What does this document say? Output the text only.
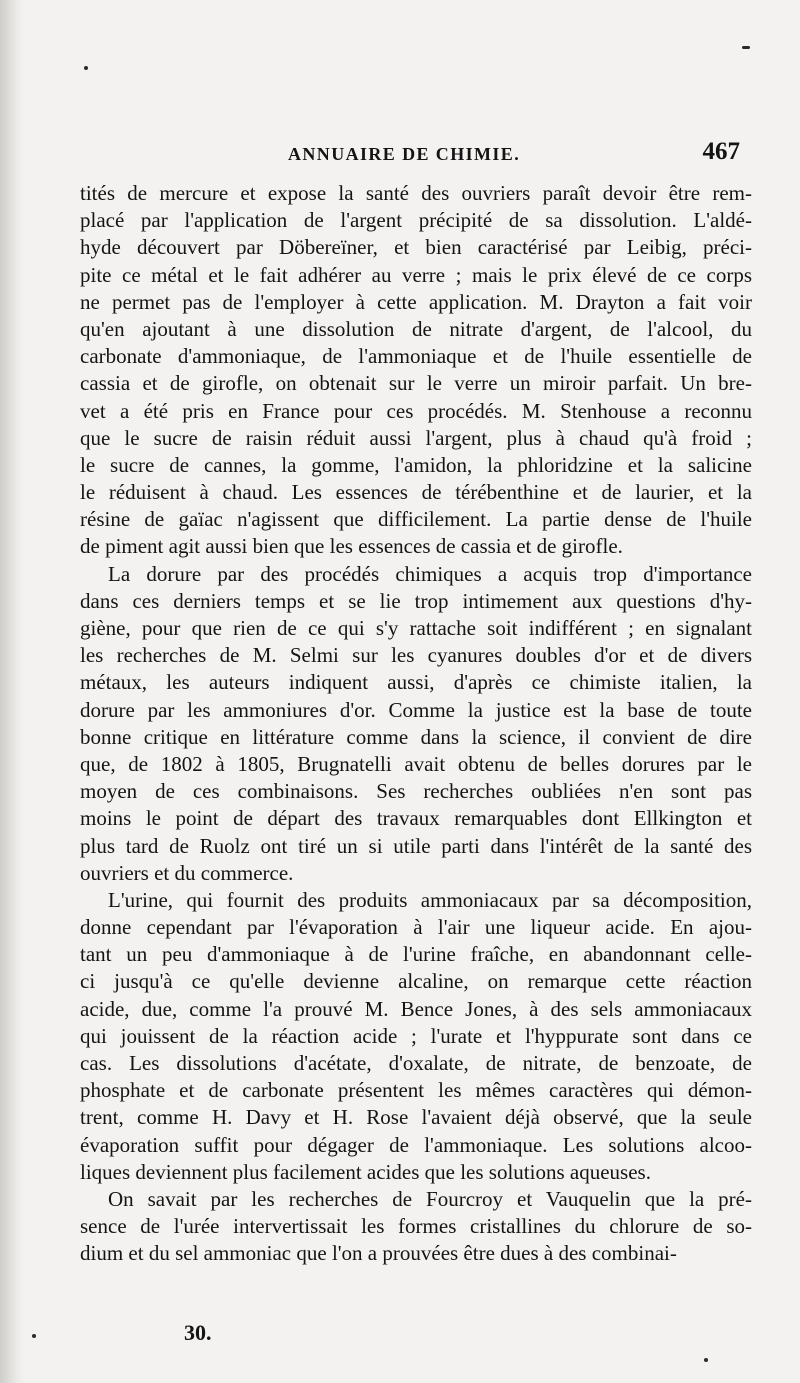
ANNUAIRE DE CHIMIE.	467
tités de mercure et expose la santé des ouvriers paraît devoir être rem-
placé par l'application de l'argent précipité de sa dissolution. L'aldé-
hyde découvert par Döbereïner, et bien caractérisé par Leibig, préci-
pite ce métal et le fait adhérer au verre ; mais le prix élevé de ce corps
ne permet pas de l'employer à cette application. M. Drayton a fait voir
qu'en ajoutant à une dissolution de nitrate d'argent, de l'alcool, du
carbonate d'ammoniaque, de l'ammoniaque et de l'huile essentielle de
cassia et de girofle, on obtenait sur le verre un miroir parfait. Un bre-
vet a été pris en France pour ces procédés. M. Stenhouse a reconnu
que le sucre de raisin réduit aussi l'argent, plus à chaud qu'à froid ;
le sucre de cannes, la gomme, l'amidon, la phloridzine et la salicine
le réduisent à chaud. Les essences de térébenthine et de laurier, et la
résine de gaïac n'agissent que difficilement. La partie dense de l'huile
de piment agit aussi bien que les essences de cassia et de girofle.
La dorure par des procédés chimiques a acquis trop d'importance
dans ces derniers temps et se lie trop intimement aux questions d'hy-
giène, pour que rien de ce qui s'y rattache soit indifférent ; en signalant
les recherches de M. Selmi sur les cyanures doubles d'or et de divers
métaux, les auteurs indiquent aussi, d'après ce chimiste italien, la
dorure par les ammoniures d'or. Comme la justice est la base de toute
bonne critique en littérature comme dans la science, il convient de dire
que, de 1802 à 1805, Brugnatelli avait obtenu de belles dorures par le
moyen de ces combinaisons. Ses recherches oubliées n'en sont pas
moins le point de départ des travaux remarquables dont Ellkington et
plus tard de Ruolz ont tiré un si utile parti dans l'intérêt de la santé des
ouvriers et du commerce.
L'urine, qui fournit des produits ammoniacaux par sa décomposition,
donne cependant par l'évaporation à l'air une liqueur acide. En ajou-
tant un peu d'ammoniaque à de l'urine fraîche, en abandonnant celle-
ci jusqu'à ce qu'elle devienne alcaline, on remarque cette réaction
acide, due, comme l'a prouvé M. Bence Jones, à des sels ammoniacaux
qui jouissent de la réaction acide ; l'urate et l'hyppurate sont dans ce
cas. Les dissolutions d'acétate, d'oxalate, de nitrate, de benzoate, de
phosphate et de carbonate présentent les mêmes caractères qui démon-
trent, comme H. Davy et H. Rose l'avaient déjà observé, que la seule
évaporation suffit pour dégager de l'ammoniaque. Les solutions alcoo-
liques deviennent plus facilement acides que les solutions aqueuses.
On savait par les recherches de Fourcroy et Vauquelin que la pré-
sence de l'urée intervertissait les formes cristallines du chlorure de so-
dium et du sel ammoniac que l'on a prouvées être dues à des combinai-
30.
